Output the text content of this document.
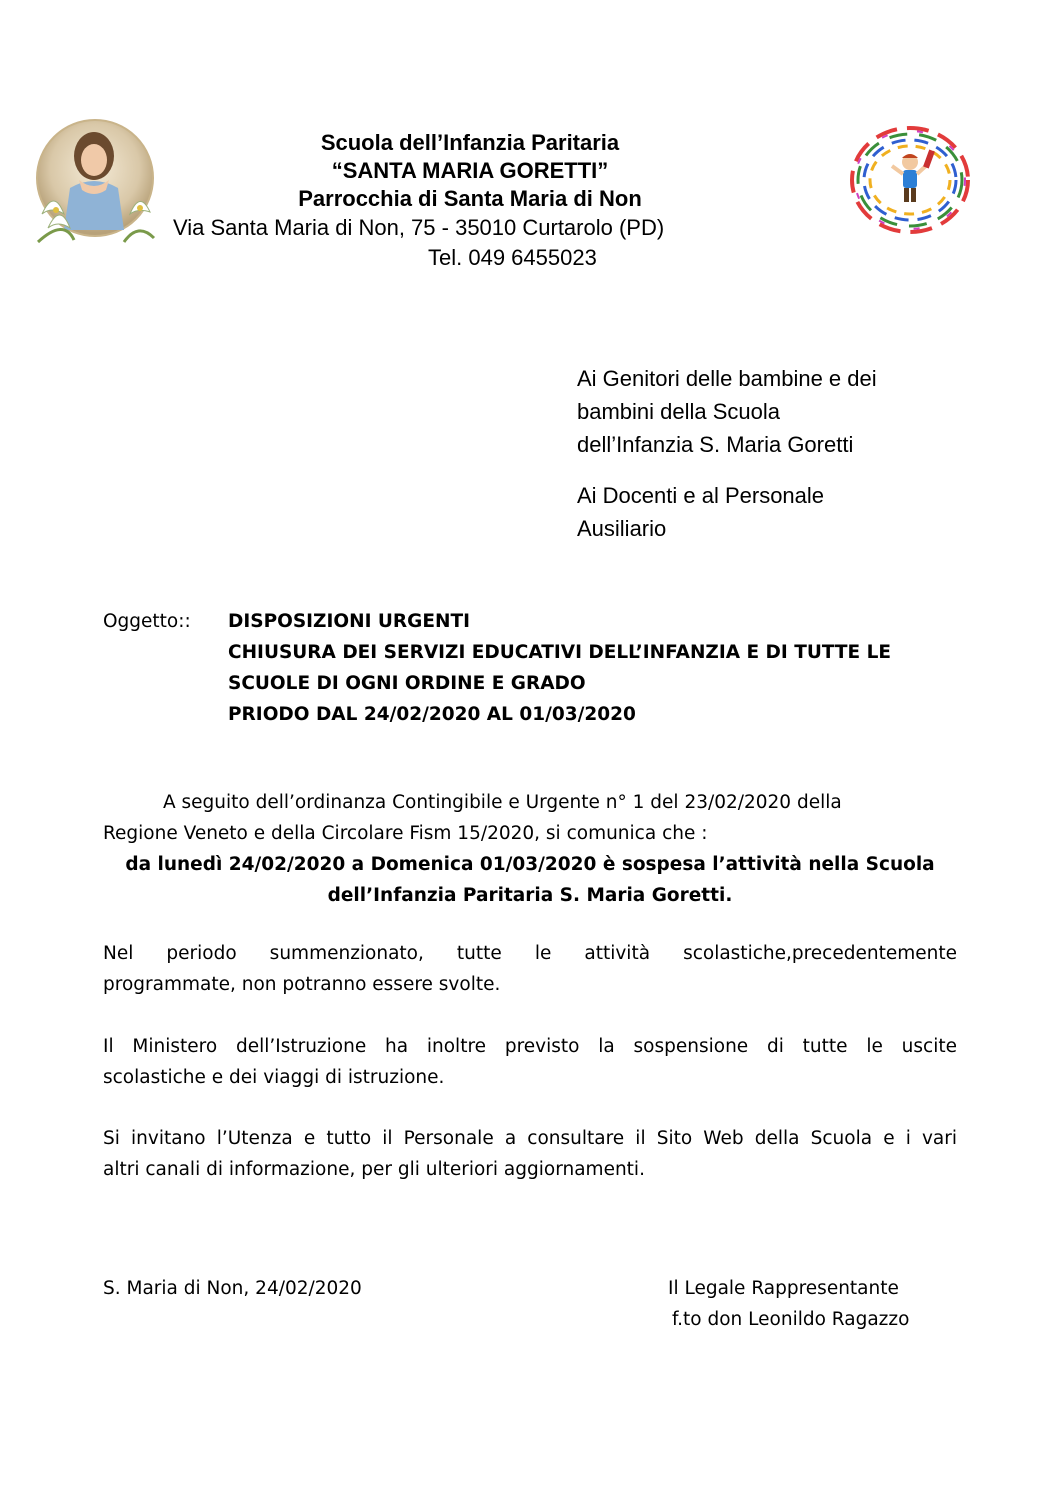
Scuola dell’Infanzia Paritaria
“SANTA MARIA GORETTI”
Parrocchia di Santa Maria di Non
Via Santa Maria di Non, 75 - 35010 Curtarolo (PD)
Tel. 049 6455023
Ai Genitori delle bambine e dei
bambini della Scuola
dell’Infanzia S. Maria Goretti
Ai Docenti e al Personale
Ausiliario
Oggetto:: DISPOSIZIONI URGENTI
CHIUSURA DEI SERVIZI EDUCATIVI DELL’INFANZIA E DI TUTTE LE
SCUOLE DI OGNI ORDINE E GRADO
PRIODO DAL 24/02/2020 AL 01/03/2020
A seguito dell’ordinanza Contingibile e Urgente n° 1 del 23/02/2020 della
Regione Veneto e della Circolare Fism 15/2020, si comunica che :
da lunedì 24/02/2020 a Domenica 01/03/2020 è sospesa l’attività nella Scuola
dell’Infanzia Paritaria S. Maria Goretti.
Nel periodo summenzionato, tutte le attività scolastiche,precedentemente
programmate, non potranno essere svolte.
Il Ministero dell’Istruzione ha inoltre previsto la sospensione di tutte le uscite
scolastiche e dei viaggi di istruzione.
Si invitano l’Utenza e tutto il Personale a consultare il Sito Web della Scuola e i vari
altri canali di informazione, per gli ulteriori aggiornamenti.
S. Maria di Non, 24/02/2020	Il Legale Rappresentante
f.to don Leonildo Ragazzo
